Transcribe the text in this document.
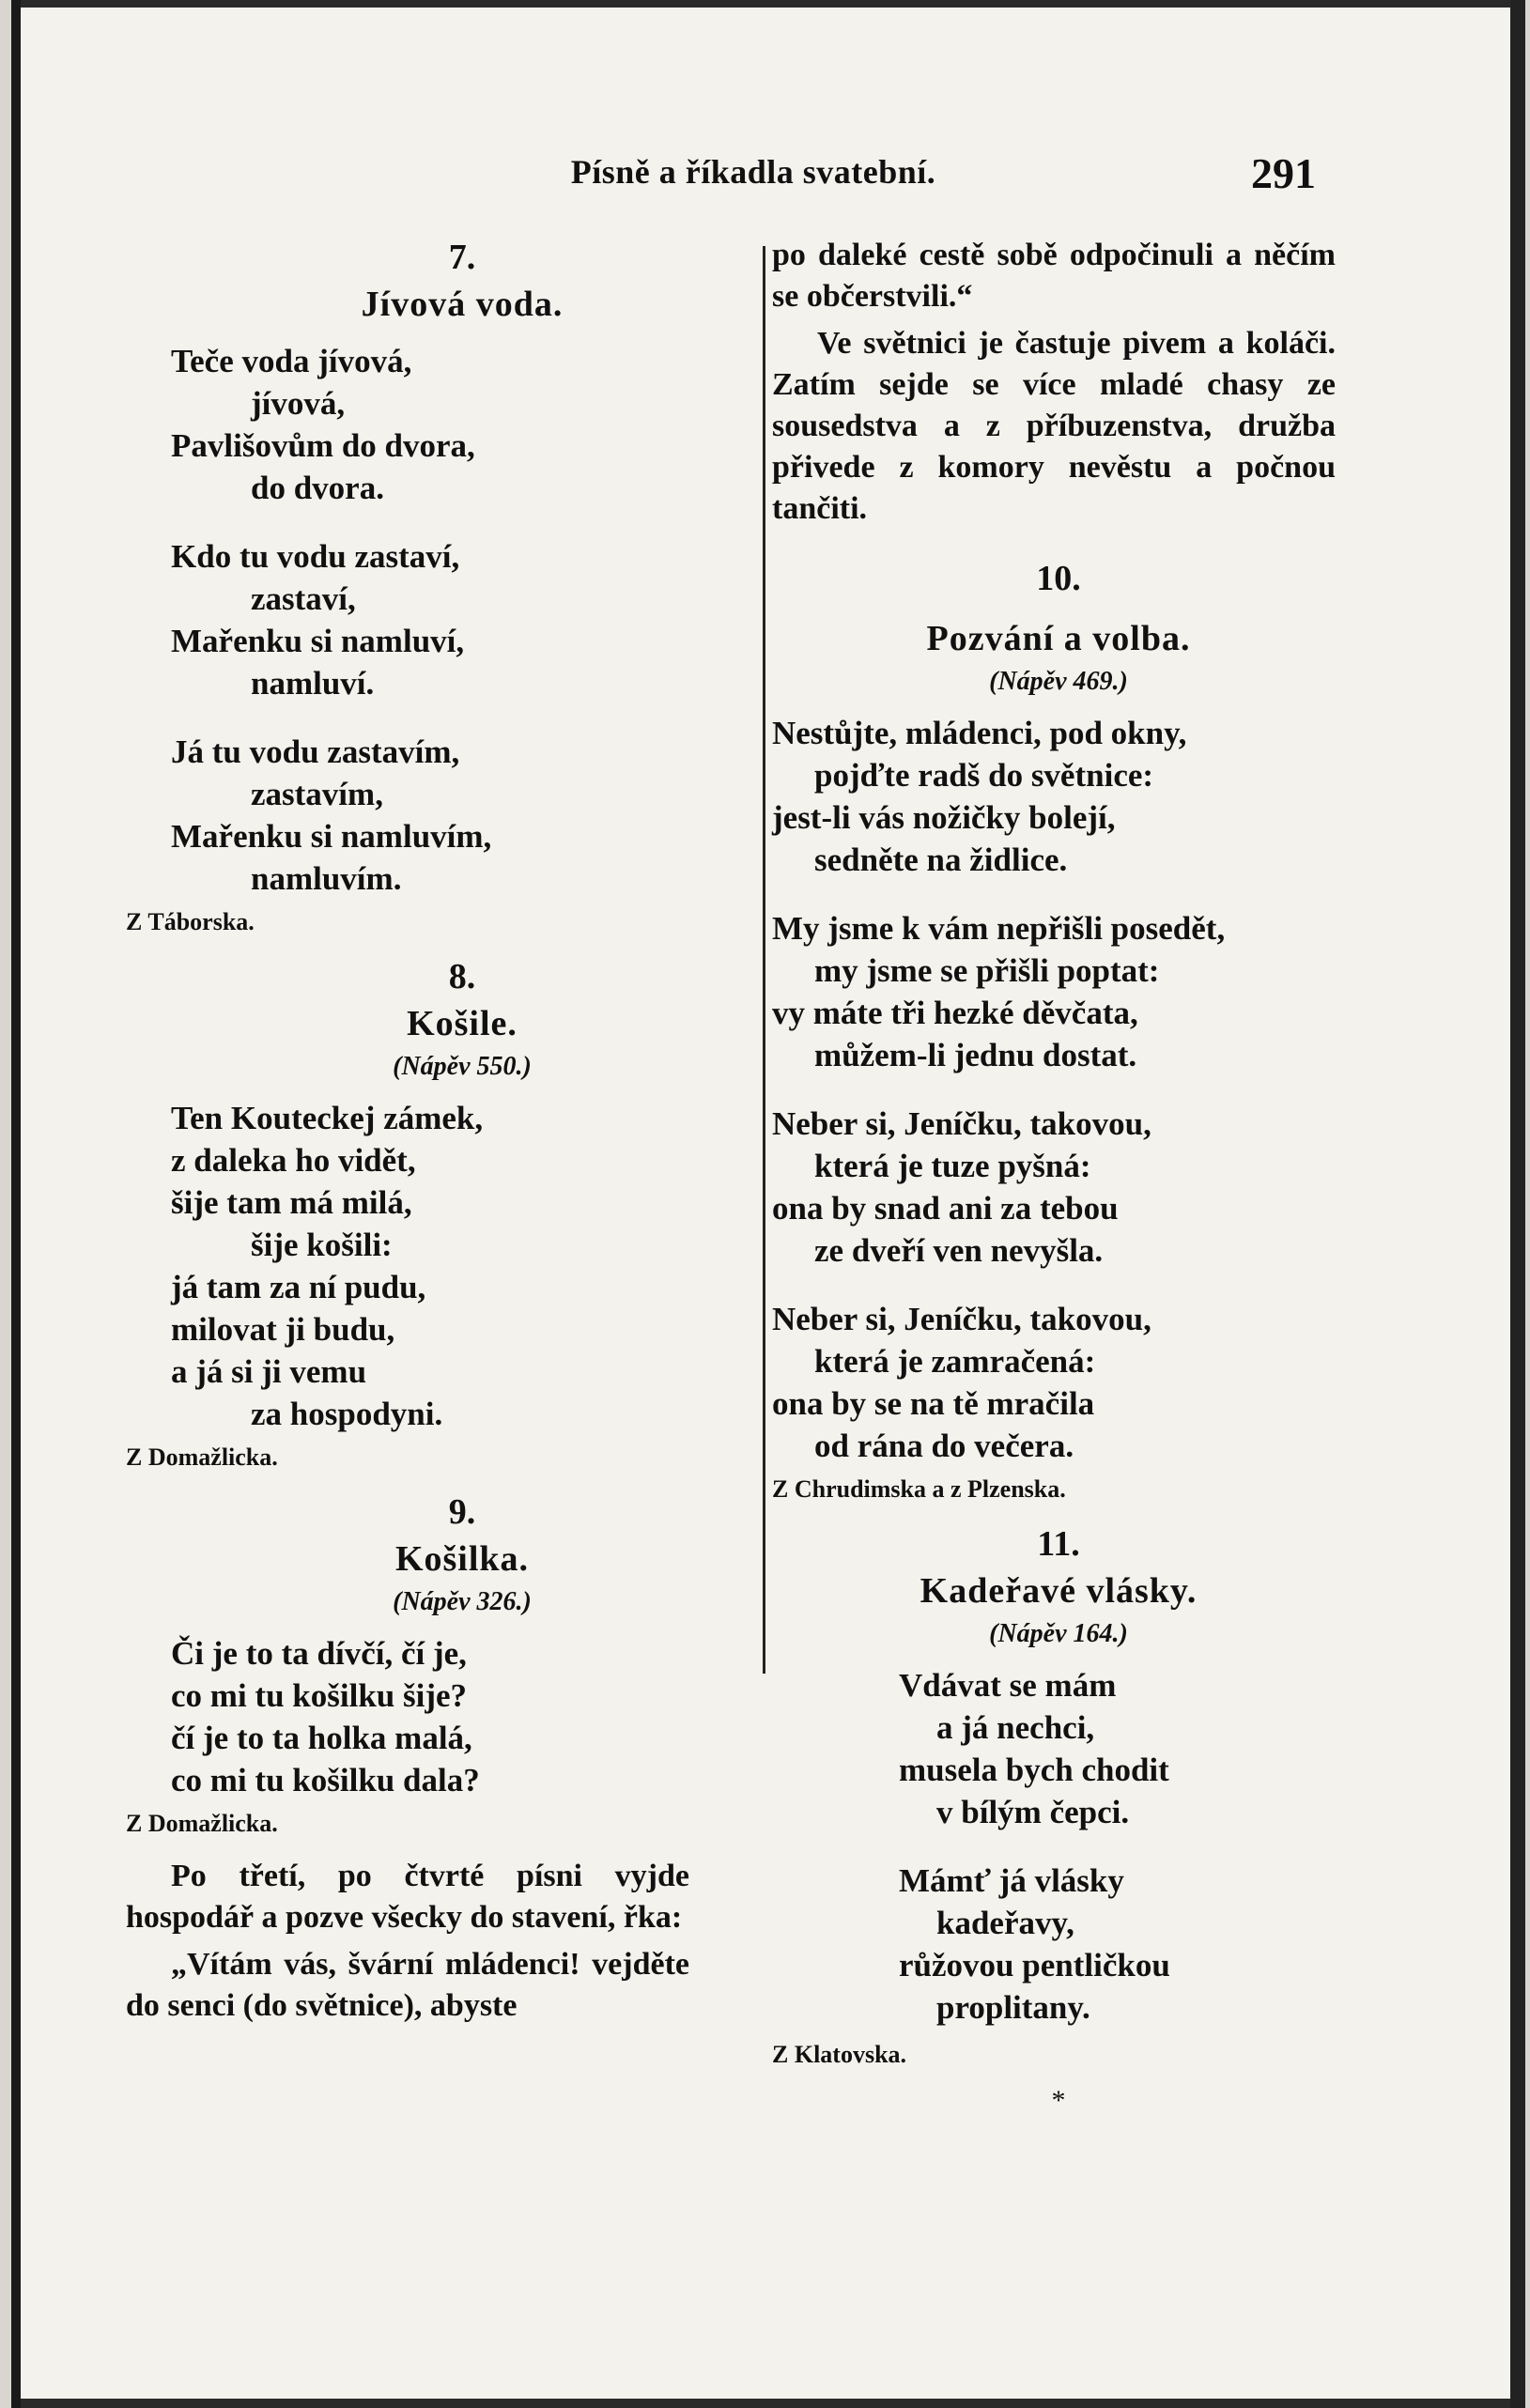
Písně a říkadla svatební.	291

7.

Jívová voda.

Teče voda jívová,
jívová,
Pavlišovům do dvora,
do dvora.
Kdo tu vodu zastaví,
zastaví,
Mařenku si namluví,
namluví.
Já tu vodu zastavím,
zastavím,
Mařenku si namluvím,
namluvím.
Z Táborska.

8.

Košile.

(Nápěv 550.)

Ten Kouteckej zámek,
z daleka ho vidět,
šije tam má milá,
šije košili:
já tam za ní pudu,
milovat ji budu,
a já si ji vemu
za hospodyni.
Z Domažlicka.

9.

Košilka.

(Nápěv 326.)

Či je to ta dívčí, čí je,
co mi tu košilku šije?
čí je to ta holka malá,
co mi tu košilku dala?
Z Domažlicka.

Po třetí, po čtvrté písni vyjde hospodář a pozve všecky do stavení, řka:

„Vítám vás, švární mládenci! vejděte do senci (do světnice), abyste

po daleké cestě sobě odpočinuli a něčím se občerstvili.“

Ve světnici je častuje pivem a koláči. Zatím sejde se více mladé chasy ze sousedstva a z příbuzenstva, družba přivede z komory nevěstu a počnou tančiti.

10.

Pozvání a volba.

(Nápěv 469.)

Nestůjte, mládenci, pod okny,
pojďte radš do světnice:
jest-li vás nožičky bolejí,
sedněte na židlice.
My jsme k vám nepřišli posedět,
my jsme se přišli poptat:
vy máte tři hezké děvčata,
můžem-li jednu dostat.
Neber si, Jeníčku, takovou,
která je tuze pyšná:
ona by snad ani za tebou
ze dveří ven nevyšla.
Neber si, Jeníčku, takovou,
která je zamračená:
ona by se na tě mračila
od rána do večera.
Z Chrudimska a z Plzenska.

11.

Kadeřavé vlásky.

(Nápěv 164.)

Vdávat se mám
a já nechci,
musela bych chodit
v bílým čepci.
Mámť já vlásky
kadeřavy,
růžovou pentličkou
proplitany.
Z Klatovska.
*
